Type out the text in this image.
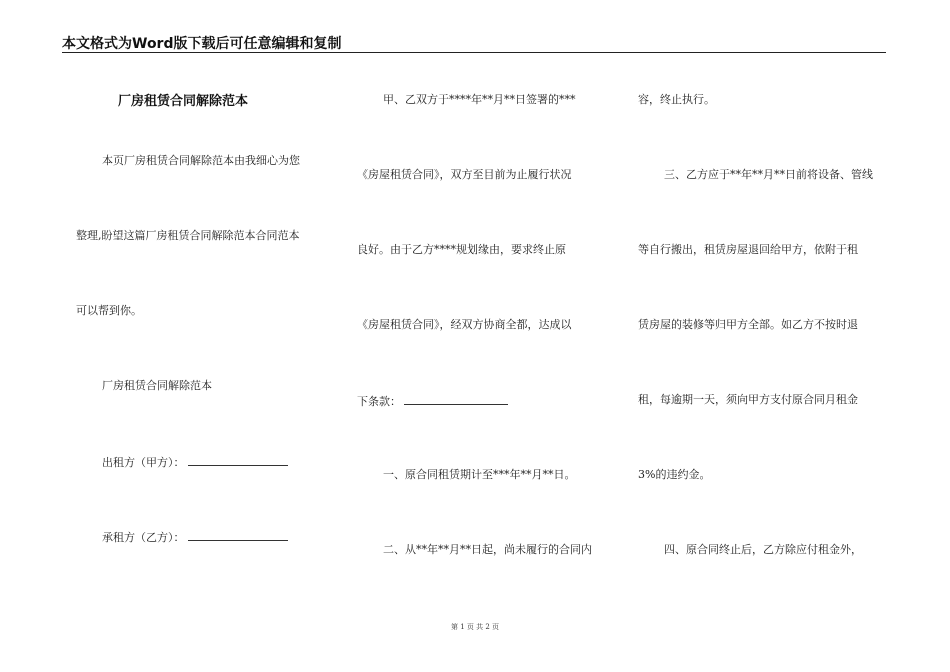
本文格式为Word版下载后可任意编辑和复制
厂房租赁合同解除范本
本页厂房租赁合同解除范本由我细心为您
整理,盼望这篇厂房租赁合同解除范本合同范本
可以帮到你。
厂房租赁合同解除范本
出租方（甲方）：
承租方（乙方）：
甲、乙双方于****年**月**日签署的***
《房屋租赁合同》，双方至目前为止履行状况
良好。由于乙方****规划缘由，要求终止原
《房屋租赁合同》，经双方协商全都，达成以
下条款：
一、原合同租赁期计至***年**月**日。
二、从**年**月**日起，尚未履行的合同内
容，终止执行。
三、乙方应于**年**月**日前将设备、管线
等自行搬出，租赁房屋退回给甲方，依附于租
赁房屋的装修等归甲方全部。如乙方不按时退
租，每逾期一天，须向甲方支付原合同月租金
3%的违约金。
四、原合同终止后，乙方除应付租金外，
第 1 页 共 2 页
